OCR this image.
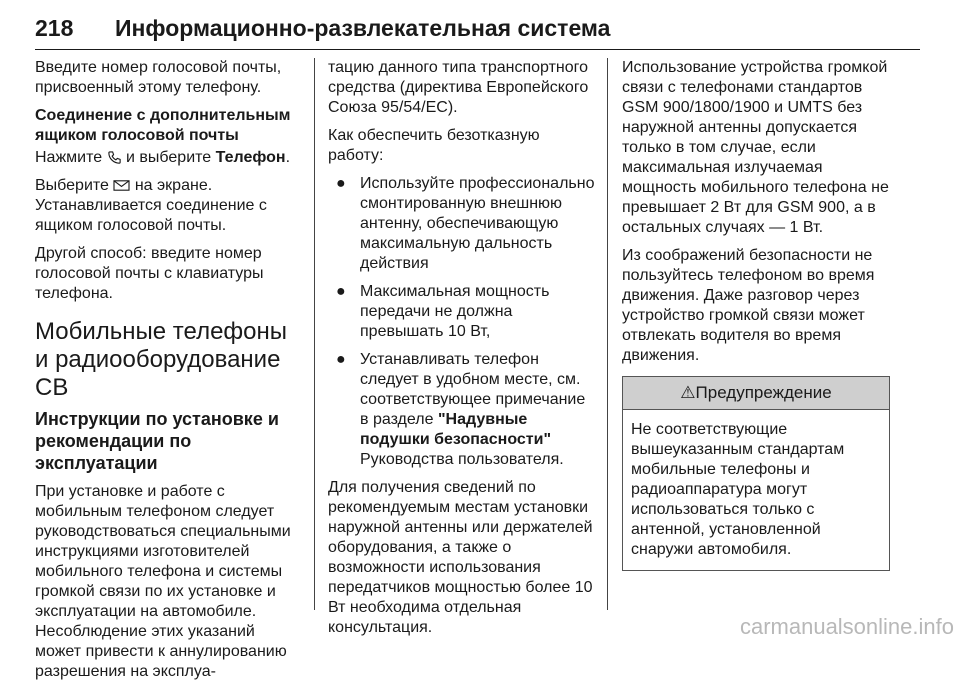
218	Информационно-развлекательная система

Введите номер голосовой почты, присвоенный этому телефону.

Соединение с дополнительным ящиком голосовой почты

Нажмите  и выберите Телефон.

Выберите  на экране. Устанавливается соединение с ящиком голосовой почты.

Другой способ: введите номер голосовой почты с клавиатуры телефона.

Мобильные телефоны и радиооборудование CB
Инструкции по установке и рекомендации по эксплуатации

При установке и работе с мобильным телефоном следует руководствоваться специальными инструкциями изготовителей мобильного телефона и системы громкой связи по их установке и эксплуатации на автомобиле. Несоблюдение этих указаний может привести к аннулированию разрешения на эксплуа-

тацию данного типа транспортного средства (директива Европейского Союза 95/54/EC).

Как обеспечить безотказную работу:

● Используйте профессионально смонтированную внешнюю антенну, обеспечивающую максимальную дальность действия
● Максимальная мощность передачи не должна превышать 10 Вт,
● Устанавливать телефон следует в удобном месте, см. соответствующее примечание в разделе "Надувные подушки безопасности" Руководства пользователя.

Для получения сведений по рекомендуемым местам установки наружной антенны или держателей оборудования, а также о возможности использования передатчиков мощностью более 10 Вт необходима отдельная консультация.

Использование устройства громкой связи с телефонами стандартов GSM 900/1800/1900 и UMTS без наружной антенны допускается только в том случае, если максимальная излучаемая мощность мобильного телефона не превышает 2 Вт для GSM 900, а в остальных случаях — 1 Вт.

Из соображений безопасности не пользуйтесь телефоном во время движения. Даже разговор через устройство громкой связи может отвлекать водителя во время движения.

⚠Предупреждение
Не соответствующие вышеуказанным стандартам мобильные телефоны и радиоаппаратура могут использоваться только с антенной, установленной снаружи автомобиля.
carmanualsonline.info
